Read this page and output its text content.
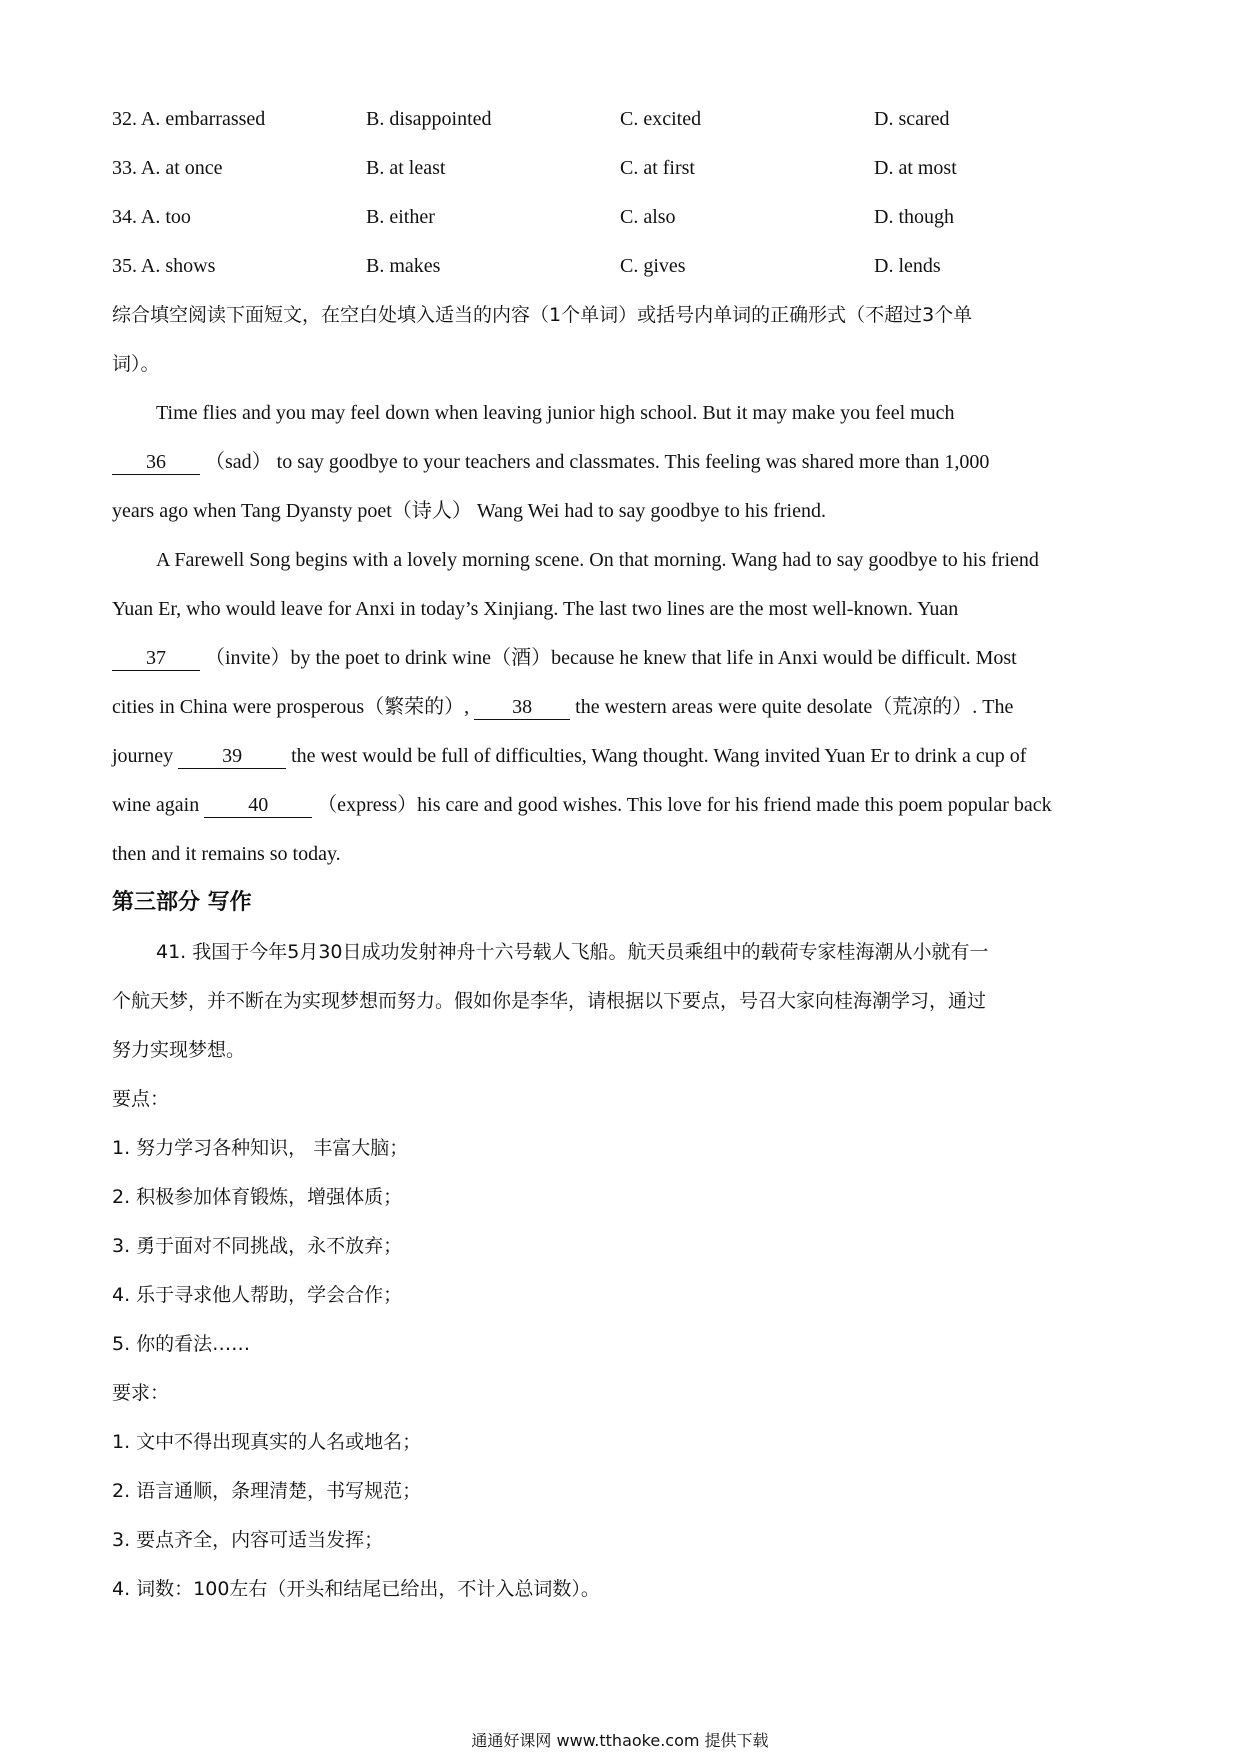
32. A. embarrassed	B. disappointed	C. excited	D. scared
33. A. at once	B. at least	C. at first	D. at most
34. A. too	B. either	C. also	D. though
35. A. shows	B. makes	C. gives	D. lends
综合填空阅读下面短文，在空白处填入适当的内容（1个单词）或括号内单词的正确形式（不超过3个单
词）。
Time flies and you may feel down when leaving junior high school. But it may make you feel much
36 （sad） to say goodbye to your teachers and classmates. This feeling was shared more than 1,000
years ago when Tang Dyansty poet（诗人） Wang Wei had to say goodbye to his friend.
A Farewell Song begins with a lovely morning scene. On that morning. Wang had to say goodbye to his friend
Yuan Er, who would leave for Anxi in today’s Xinjiang. The last two lines are the most well-known. Yuan
37 （invite）by the poet to drink wine（酒）because he knew that life in Anxi would be difficult. Most
cities in China were prosperous（繁荣的）, 38 the western areas were quite desolate（荒凉的）. The
journey 39 the west would be full of difficulties, Wang thought. Wang invited Yuan Er to drink a cup of
wine again 40 （express）his care and good wishes. This love for his friend made this poem popular back
then and it remains so today.
第三部分 写作
41. 我国于今年5月30日成功发射神舟十六号载人飞船。航天员乘组中的载荷专家桂海潮从小就有一
个航天梦，并不断在为实现梦想而努力。假如你是李华，请根据以下要点，号召大家向桂海潮学习，通过
努力实现梦想。
要点：
1. 努力学习各种知识， 丰富大脑；
2. 积极参加体育锻炼，增强体质；
3. 勇于面对不同挑战，永不放弃；
4. 乐于寻求他人帮助，学会合作；
5. 你的看法……
要求：
1. 文中不得出现真实的人名或地名；
2. 语言通顺，条理清楚，书写规范；
3. 要点齐全，内容可适当发挥；
4. 词数：100左右（开头和结尾已给出，不计入总词数）。
通通好课网 www.tthaoke.com 提供下载
